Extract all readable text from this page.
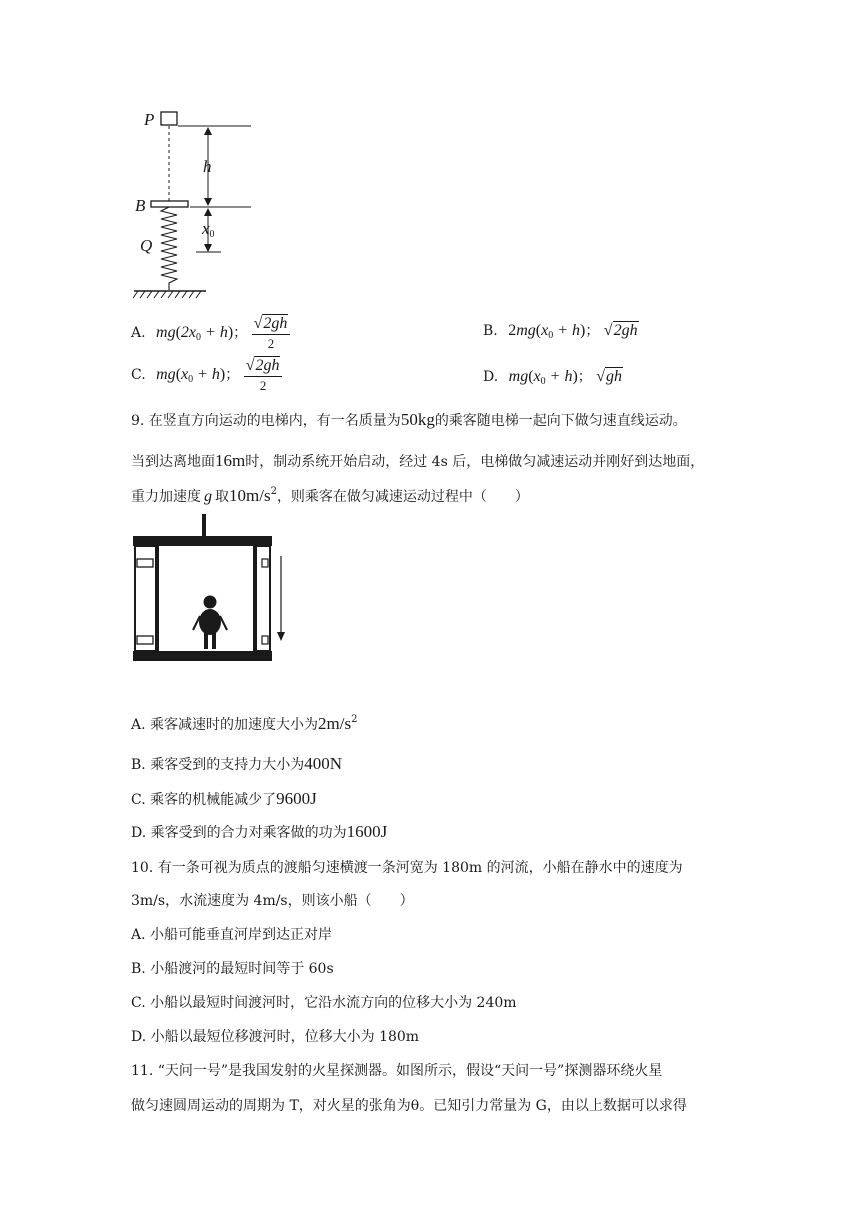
P
B
Q
h
$x_0$
A. $mg(2x_0 + h)$； $\frac{√2gh}{2}$	B. $2mg(x_0 + h)$； √2gh
C. $mg(x_0 + h)$； $\frac{√2gh}{2}$	D. $mg(x_0 + h)$； √gh
9. 在竖直方向运动的电梯内，有一名质量为50kg的乘客随电梯一起向下做匀速直线运动。
当到达离地面16m时，制动系统开始启动，经过 4s 后，电梯做匀减速运动并刚好到达地面，
重力加速度 g 取$10m/s^2$，则乘客在做匀减速运动过程中（　　）
A. 乘客减速时的加速度大小为$2m/s^2$
B. 乘客受到的支持力大小为400N
C. 乘客的机械能减少了9600J
D. 乘客受到的合力对乘客做的功为1600J
10. 有一条可视为质点的渡船匀速横渡一条河宽为 180m 的河流，小船在静水中的速度为
3m/s，水流速度为 4m/s，则该小船（　　）
A. 小船可能垂直河岸到达正对岸
B. 小船渡河的最短时间等于 60s
C. 小船以最短时间渡河时，它沿水流方向的位移大小为 240m
D. 小船以最短位移渡河时，位移大小为 180m
11. “天问一号”是我国发射的火星探测器。如图所示，假设“天问一号”探测器环绕火星
做匀速圆周运动的周期为 T，对火星的张角为θ。已知引力常量为 G，由以上数据可以求得
